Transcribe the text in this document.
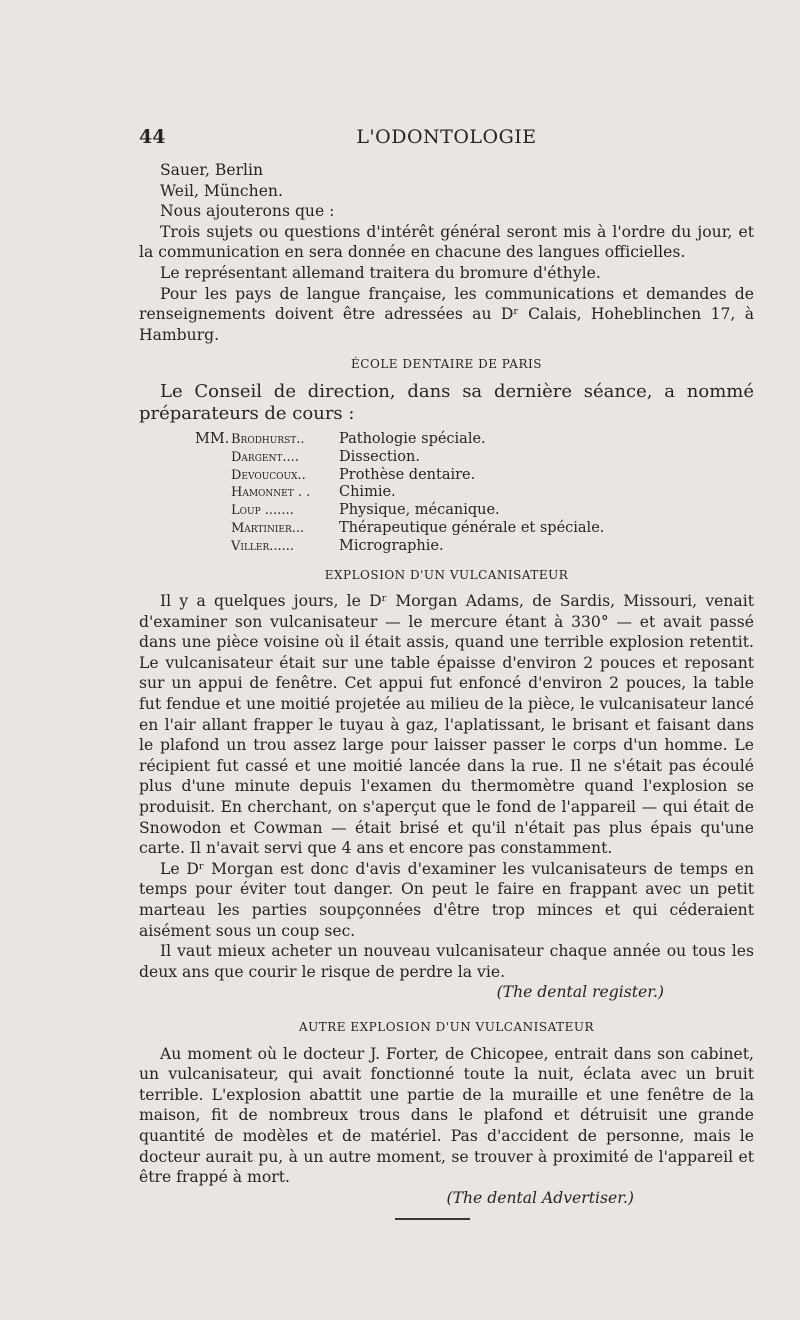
44	L'ODONTOLOGIE

Sauer, Berlin

Weil, München.

Nous ajouterons que :

Trois sujets ou questions d'intérêt général seront mis à l'ordre du jour, et la communication en sera donnée en chacune des langues officielles.

Le représentant allemand traitera du bromure d'éthyle.

Pour les pays de langue française, les communications et demandes de renseignements doivent être adressées au Dʳ Calais, Hoheblinchen 17, à Hamburg.

ÉCOLE DENTAIRE DE PARIS

Le Conseil de direction, dans sa dernière séance, a nommé préparateurs de cours :

MM. Brodhurst..	Pathologie spéciale.
Dargent....	Dissection.
Devoucoux..	Prothèse dentaire.
Hamonnet . .	Chimie.
Loup .......	Physique, mécanique.
Martinier...	Thérapeutique générale et spéciale.
Viller......	Micrographie.
EXPLOSION D'UN VULCANISATEUR

Il y a quelques jours, le Dʳ Morgan Adams, de Sardis, Missouri, venait d'examiner son vulcanisateur — le mercure étant à 330° — et avait passé dans une pièce voisine où il était assis, quand une terrible explosion retentit. Le vulcanisateur était sur une table épaisse d'environ 2 pouces et reposant sur un appui de fenêtre. Cet appui fut enfoncé d'environ 2 pouces, la table fut fendue et une moitié projetée au milieu de la pièce, le vulcanisateur lancé en l'air allant frapper le tuyau à gaz, l'aplatissant, le brisant et faisant dans le plafond un trou assez large pour laisser passer le corps d'un homme. Le récipient fut cassé et une moitié lancée dans la rue. Il ne s'était pas écoulé plus d'une minute depuis l'examen du thermomètre quand l'explosion se produisit. En cherchant, on s'aperçut que le fond de l'appareil — qui était de Snowodon et Cowman — était brisé et qu'il n'était pas plus épais qu'une carte. Il n'avait servi que 4 ans et encore pas constamment.

Le Dʳ Morgan est donc d'avis d'examiner les vulcanisateurs de temps en temps pour éviter tout danger. On peut le faire en frappant avec un petit marteau les parties soupçonnées d'être trop minces et qui céderaient aisément sous un coup sec.

Il vaut mieux acheter un nouveau vulcanisateur chaque année ou tous les deux ans que courir le risque de perdre la vie.

(The dental register.)

AUTRE EXPLOSION D'UN VULCANISATEUR

Au moment où le docteur J. Forter, de Chicopee, entrait dans son cabinet, un vulcanisateur, qui avait fonctionné toute la nuit, éclata avec un bruit terrible. L'explosion abattit une partie de la muraille et une fenêtre de la maison, fit de nombreux trous dans le plafond et détruisit une grande quantité de modèles et de matériel. Pas d'accident de personne, mais le docteur aurait pu, à un autre moment, se trouver à proximité de l'appareil et être frappé à mort.

(The dental Advertiser.)
